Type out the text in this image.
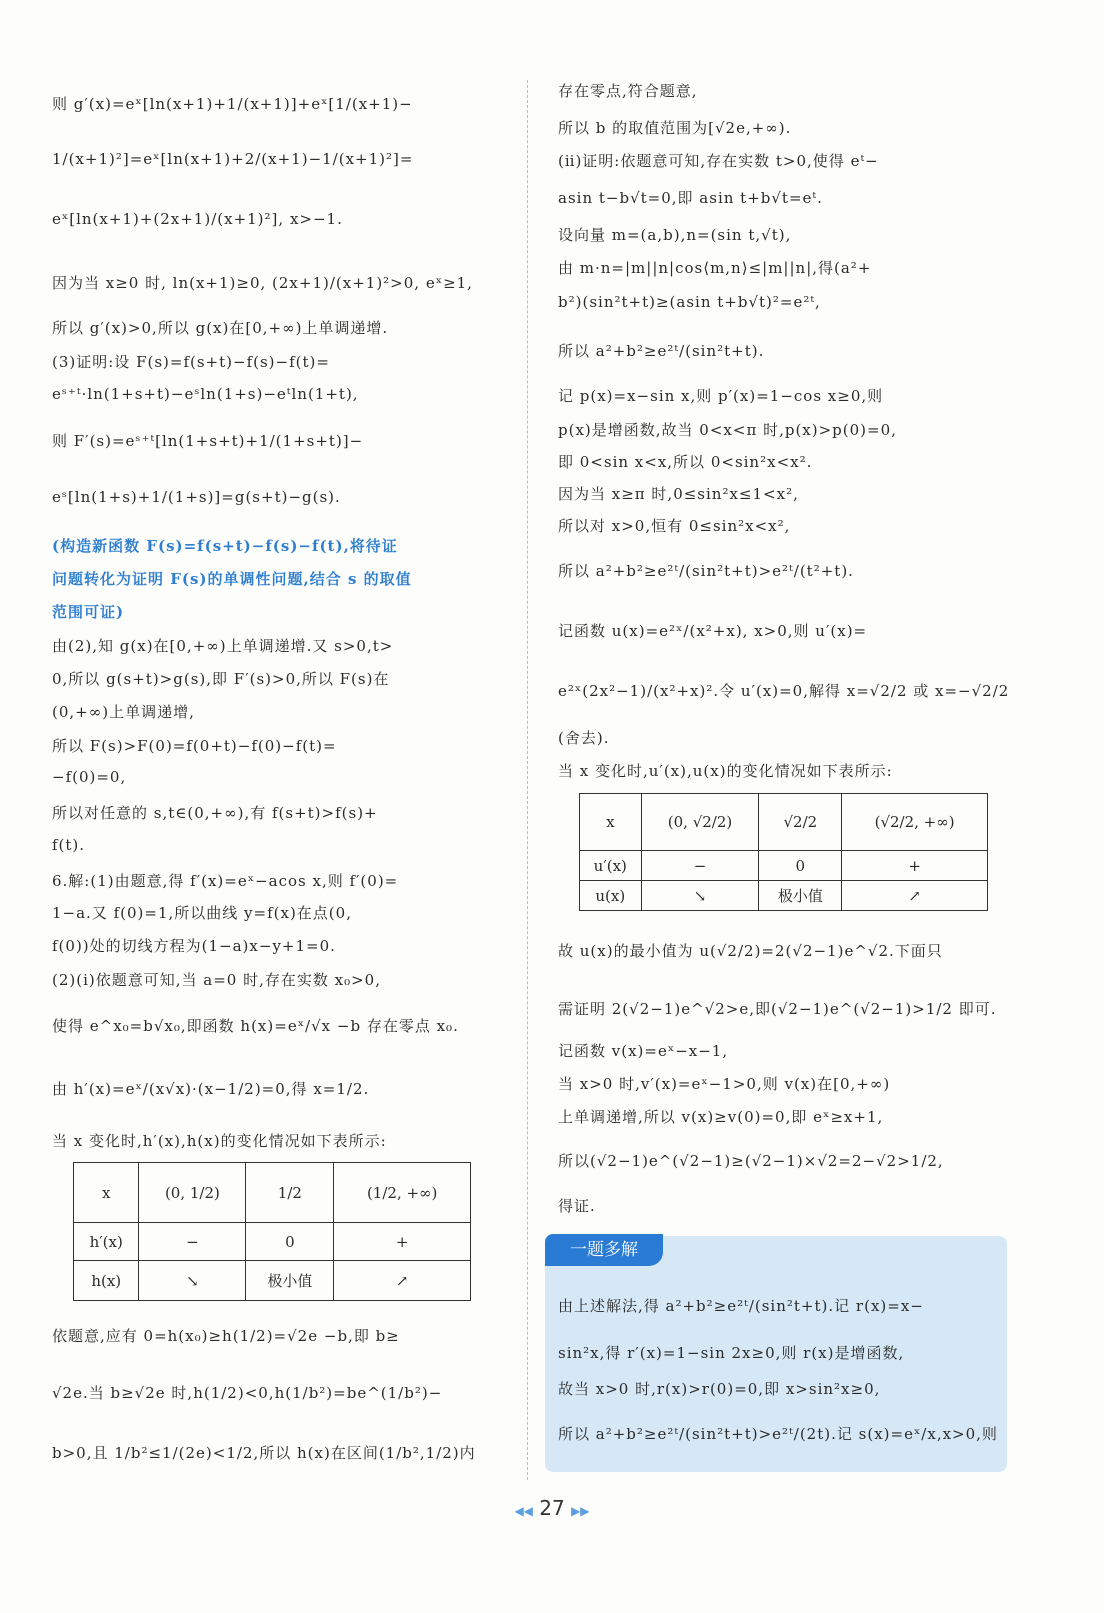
x	(0, 1/2)	1/2	(1/2, +∞)
h′(x)	−	0	+
h(x)	↘	极小值	↗
x	(0, √2/2)	√2/2	(√2/2, +∞)
u′(x)	−	0	+
u(x)	↘	极小值	↗
一题多解
◀◀ 27 ▶▶
则 g′(x)=eˣ[ln(x+1)+1/(x+1)]+eˣ[1/(x+1)−
1/(x+1)²]=eˣ[ln(x+1)+2/(x+1)−1/(x+1)²]=
eˣ[ln(x+1)+(2x+1)/(x+1)²], x>−1.
因为当 x≥0 时, ln(x+1)≥0, (2x+1)/(x+1)²>0, eˣ≥1,
所以 g′(x)>0,所以 g(x)在[0,+∞)上单调递增.
(3)证明:设 F(s)=f(s+t)−f(s)−f(t)=
eˢ⁺ᵗ·ln(1+s+t)−eˢln(1+s)−eᵗln(1+t),
则 F′(s)=eˢ⁺ᵗ[ln(1+s+t)+1/(1+s+t)]−
eˢ[ln(1+s)+1/(1+s)]=g(s+t)−g(s).
(构造新函数 F(s)=f(s+t)−f(s)−f(t),将待证
问题转化为证明 F(s)的单调性问题,结合 s 的取值
范围可证)
由(2),知 g(x)在[0,+∞)上单调递增.又 s>0,t>
0,所以 g(s+t)>g(s),即 F′(s)>0,所以 F(s)在
(0,+∞)上单调递增,
所以 F(s)>F(0)=f(0+t)−f(0)−f(t)=
−f(0)=0,
所以对任意的 s,t∈(0,+∞),有 f(s+t)>f(s)+
f(t).
6.解:(1)由题意,得 f′(x)=eˣ−acos x,则 f′(0)=
1−a.又 f(0)=1,所以曲线 y=f(x)在点(0,
f(0))处的切线方程为(1−a)x−y+1=0.
(2)(ⅰ)依题意可知,当 a=0 时,存在实数 x₀>0,
使得 e^x₀=b√x₀,即函数 h(x)=eˣ/√x −b 存在零点 x₀.
由 h′(x)=eˣ/(x√x)·(x−1/2)=0,得 x=1/2.
当 x 变化时,h′(x),h(x)的变化情况如下表所示:
依题意,应有 0=h(x₀)≥h(1/2)=√2e −b,即 b≥
√2e.当 b≥√2e 时,h(1/2)<0,h(1/b²)=be^(1/b²)−
b>0,且 1/b²≤1/(2e)<1/2,所以 h(x)在区间(1/b²,1/2)内
存在零点,符合题意,
所以 b 的取值范围为[√2e,+∞).
(ⅱ)证明:依题意可知,存在实数 t>0,使得 eᵗ−
asin t−b√t=0,即 asin t+b√t=eᵗ.
设向量 m=(a,b),n=(sin t,√t),
由 m·n=|m||n|cos⟨m,n⟩≤|m||n|,得(a²+
b²)(sin²t+t)≥(asin t+b√t)²=e²ᵗ,
所以 a²+b²≥e²ᵗ/(sin²t+t).
记 p(x)=x−sin x,则 p′(x)=1−cos x≥0,则
p(x)是增函数,故当 0<x<π 时,p(x)>p(0)=0,
即 0<sin x<x,所以 0<sin²x<x².
因为当 x≥π 时,0≤sin²x≤1<x²,
所以对 x>0,恒有 0≤sin²x<x²,
所以 a²+b²≥e²ᵗ/(sin²t+t)>e²ᵗ/(t²+t).
记函数 u(x)=e²ˣ/(x²+x), x>0,则 u′(x)=
e²ˣ(2x²−1)/(x²+x)².令 u′(x)=0,解得 x=√2/2 或 x=−√2/2
(舍去).
当 x 变化时,u′(x),u(x)的变化情况如下表所示:
故 u(x)的最小值为 u(√2/2)=2(√2−1)e^√2.下面只
需证明 2(√2−1)e^√2>e,即(√2−1)e^(√2−1)>1/2 即可.
记函数 v(x)=eˣ−x−1,
当 x>0 时,v′(x)=eˣ−1>0,则 v(x)在[0,+∞)
上单调递增,所以 v(x)≥v(0)=0,即 eˣ≥x+1,
所以(√2−1)e^(√2−1)≥(√2−1)×√2=2−√2>1/2,
得证.
由上述解法,得 a²+b²≥e²ᵗ/(sin²t+t).记 r(x)=x−
sin²x,得 r′(x)=1−sin 2x≥0,则 r(x)是增函数,
故当 x>0 时,r(x)>r(0)=0,即 x>sin²x≥0,
所以 a²+b²≥e²ᵗ/(sin²t+t)>e²ᵗ/(2t).记 s(x)=eˣ/x,x>0,则
